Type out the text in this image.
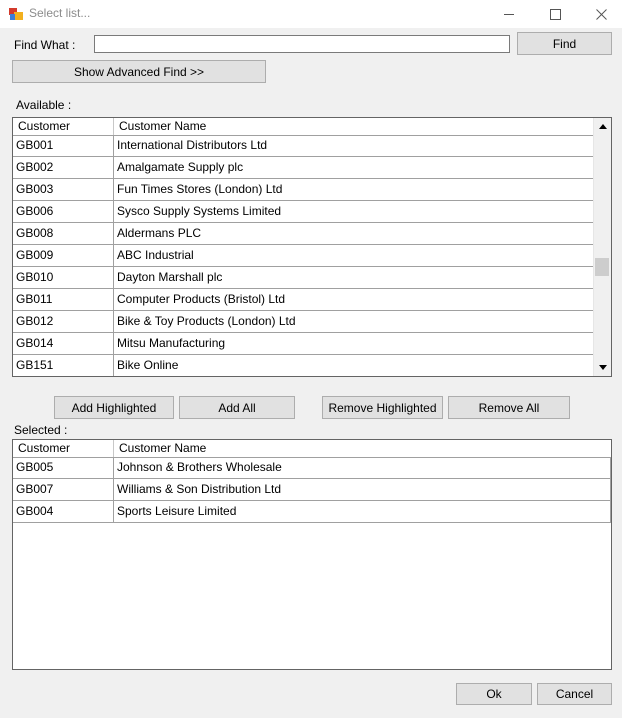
Select list...
Find What :	Find
Show Advanced Find >>
Available :
Customer	Customer Name
GB001	International Distributors Ltd
GB002	Amalgamate Supply plc
GB003	Fun Times Stores (London) Ltd
GB006	Sysco Supply Systems Limited
GB008	Aldermans PLC
GB009	ABC Industrial
GB010	Dayton Marshall plc
GB011	Computer Products (Bristol) Ltd
GB012	Bike & Toy Products (London) Ltd
GB014	Mitsu Manufacturing
GB151	Bike Online
Add Highlighted	Add All	Remove Highlighted	Remove All
Selected :
Customer	Customer Name
GB005	Johnson & Brothers Wholesale
GB007	Williams & Son Distribution Ltd
GB004	Sports Leisure Limited
Ok	Cancel
